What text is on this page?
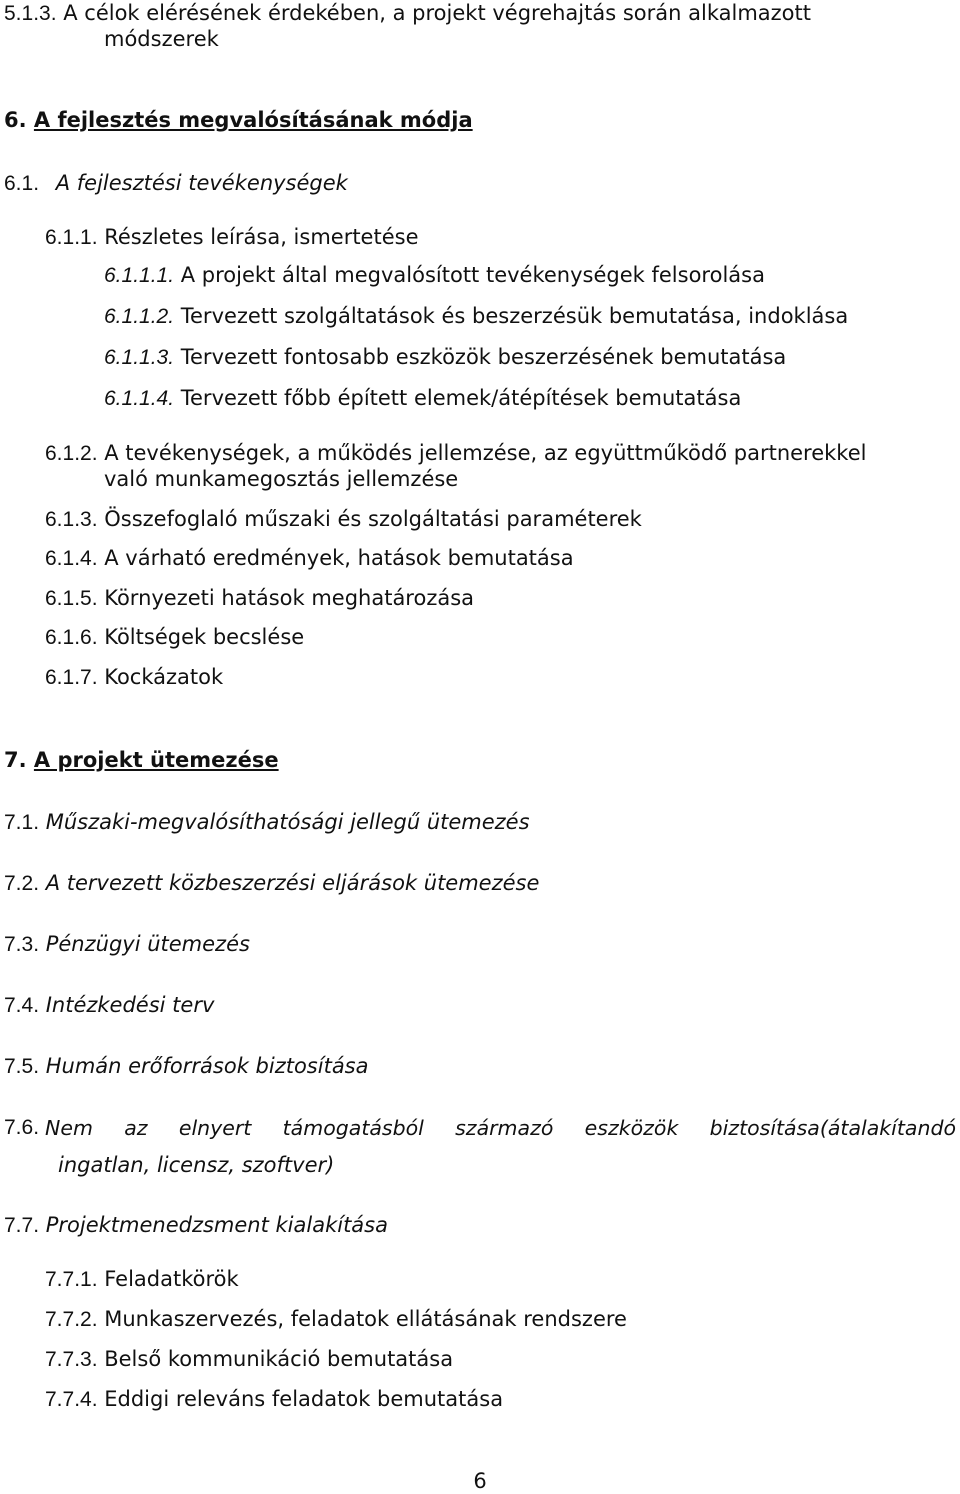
5.1.3. A célok elérésének érdekében, a projekt végrehajtás során alkalmazott
módszerek
6. A fejlesztés megvalósításának módja
6.1. A fejlesztési tevékenységek
6.1.1. Részletes leírása, ismertetése
6.1.1.1. A projekt által megvalósított tevékenységek felsorolása
6.1.1.2. Tervezett szolgáltatások és beszerzésük bemutatása, indoklása
6.1.1.3. Tervezett fontosabb eszközök beszerzésének bemutatása
6.1.1.4. Tervezett főbb épített elemek/átépítések bemutatása
6.1.2. A tevékenységek, a működés jellemzése, az együttműködő partnerekkel
való munkamegosztás jellemzése
6.1.3. Összefoglaló műszaki és szolgáltatási paraméterek
6.1.4. A várható eredmények, hatások bemutatása
6.1.5. Környezeti hatások meghatározása
6.1.6. Költségek becslése
6.1.7. Kockázatok
7. A projekt ütemezése
7.1. Műszaki-megvalósíthatósági jellegű ütemezés
7.2. A tervezett közbeszerzési eljárások ütemezése
7.3. Pénzügyi ütemezés
7.4. Intézkedési terv
7.5. Humán erőforrások biztosítása
7.6. Nem az elnyert támogatásból származó eszközök biztosítása(átalakítandó
ingatlan, licensz, szoftver)
7.7. Projektmenedzsment kialakítása
7.7.1. Feladatkörök
7.7.2. Munkaszervezés, feladatok ellátásának rendszere
7.7.3. Belső kommunikáció bemutatása
7.7.4. Eddigi releváns feladatok bemutatása
6
